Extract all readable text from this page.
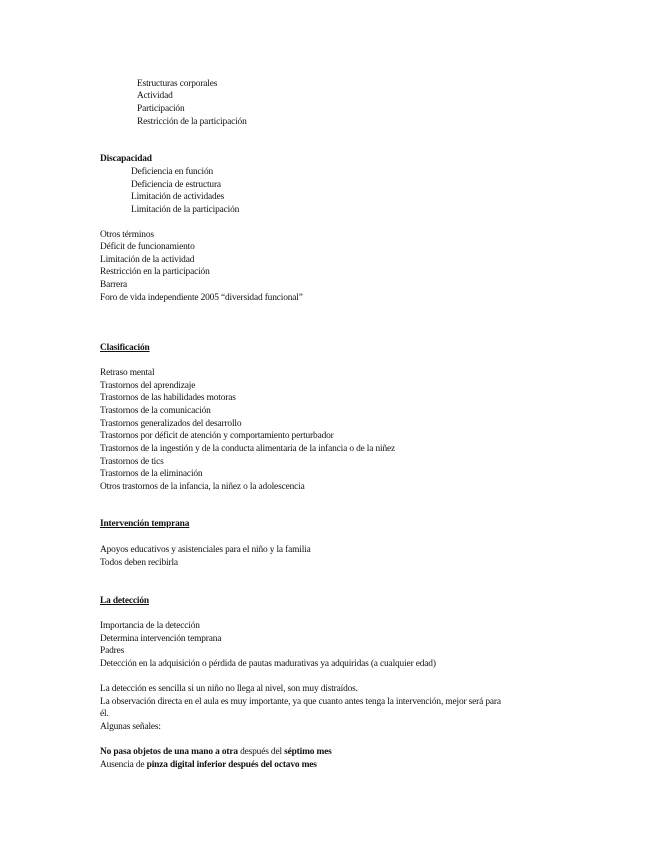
Estructuras corporales
Actividad
Participación
Restricción de la participación
Discapacidad
Deficiencia en función
Deficiencia de estructura
Limitación de actividades
Limitación de la participación
Otros términos
Déficit de funcionamiento
Limitación de la actividad
Restricción en la participación
Barrera
Foro de vida independiente 2005 “diversidad funcional”
Clasificación
Retraso mental
Trastornos del aprendizaje
Trastornos de las habilidades motoras
Trastornos de la comunicación
Trastornos generalizados del desarrollo
Trastornos por déficit de atención y comportamiento perturbador
Trastornos de la ingestión y de la conducta alimentaria de la infancia o de la niñez
Trastornos de tics
Trastornos de la eliminación
Otros trastornos de la infancia, la niñez o la adolescencia
Intervención temprana
Apoyos educativos y asistenciales para el niño y la familia
Todos deben recibirla
La detección
Importancia de la detección
Determina intervención temprana
Padres
Detección en la adquisición o pérdida de pautas madurativas ya adquiridas (a cualquier edad)
La detección es sencilla si un niño no llega al nivel, son muy distraídos.
La observación directa en el aula es muy importante, ya que cuanto antes tenga la intervención, mejor será para
él.
Algunas señales:
No pasa objetos de una mano a otra después del séptimo mes
Ausencia de pinza digital inferior después del octavo mes
